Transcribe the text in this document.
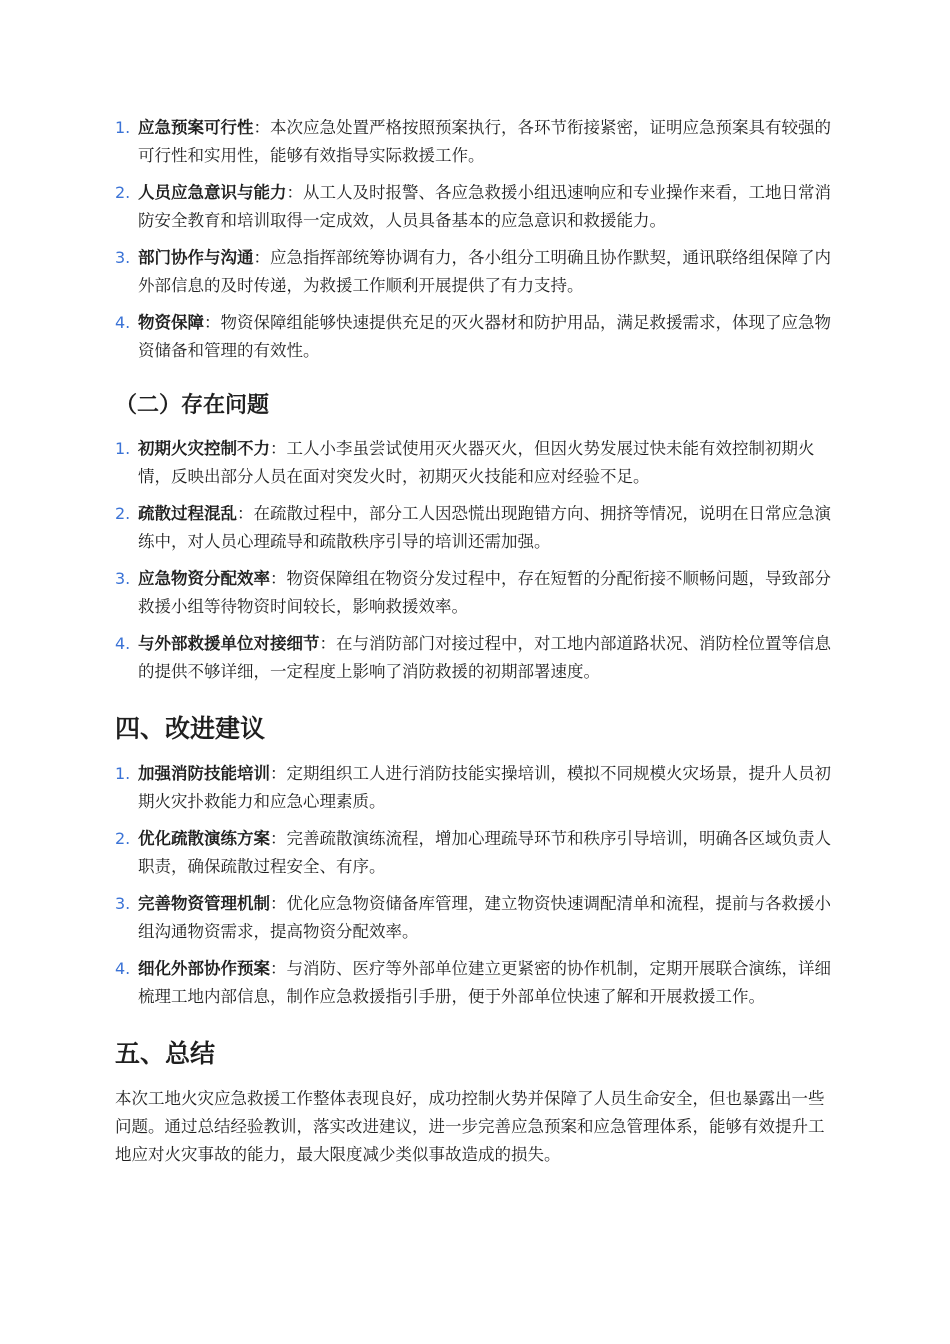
1. 应急预案可行性：本次应急处置严格按照预案执行，各环节衔接紧密，证明应急预案具有较强的可行性和实用性，能够有效指导实际救援工作。
2. 人员应急意识与能力：从工人及时报警、各应急救援小组迅速响应和专业操作来看，工地日常消防安全教育和培训取得一定成效，人员具备基本的应急意识和救援能力。
3. 部门协作与沟通：应急指挥部统筹协调有力，各小组分工明确且协作默契，通讯联络组保障了内外部信息的及时传递，为救援工作顺利开展提供了有力支持。
4. 物资保障：物资保障组能够快速提供充足的灭火器材和防护用品，满足救援需求，体现了应急物资储备和管理的有效性。
（二）存在问题
1. 初期火灾控制不力：工人小李虽尝试使用灭火器灭火，但因火势发展过快未能有效控制初期火情，反映出部分人员在面对突发火时，初期灭火技能和应对经验不足。
2. 疏散过程混乱：在疏散过程中，部分工人因恐慌出现跑错方向、拥挤等情况，说明在日常应急演练中，对人员心理疏导和疏散秩序引导的培训还需加强。
3. 应急物资分配效率：物资保障组在物资分发过程中，存在短暂的分配衔接不顺畅问题，导致部分救援小组等待物资时间较长，影响救援效率。
4. 与外部救援单位对接细节：在与消防部门对接过程中，对工地内部道路状况、消防栓位置等信息的提供不够详细，一定程度上影响了消防救援的初期部署速度。
四、改进建议
1. 加强消防技能培训：定期组织工人进行消防技能实操培训，模拟不同规模火灾场景，提升人员初期火灾扑救能力和应急心理素质。
2. 优化疏散演练方案：完善疏散演练流程，增加心理疏导环节和秩序引导培训，明确各区域负责人职责，确保疏散过程安全、有序。
3. 完善物资管理机制：优化应急物资储备库管理，建立物资快速调配清单和流程，提前与各救援小组沟通物资需求，提高物资分配效率。
4. 细化外部协作预案：与消防、医疗等外部单位建立更紧密的协作机制，定期开展联合演练，详细梳理工地内部信息，制作应急救援指引手册，便于外部单位快速了解和开展救援工作。
五、总结

本次工地火灾应急救援工作整体表现良好，成功控制火势并保障了人员生命安全，但也暴露出一些问题。通过总结经验教训，落实改进建议，进一步完善应急预案和应急管理体系，能够有效提升工地应对火灾事故的能力，最大限度减少类似事故造成的损失。
